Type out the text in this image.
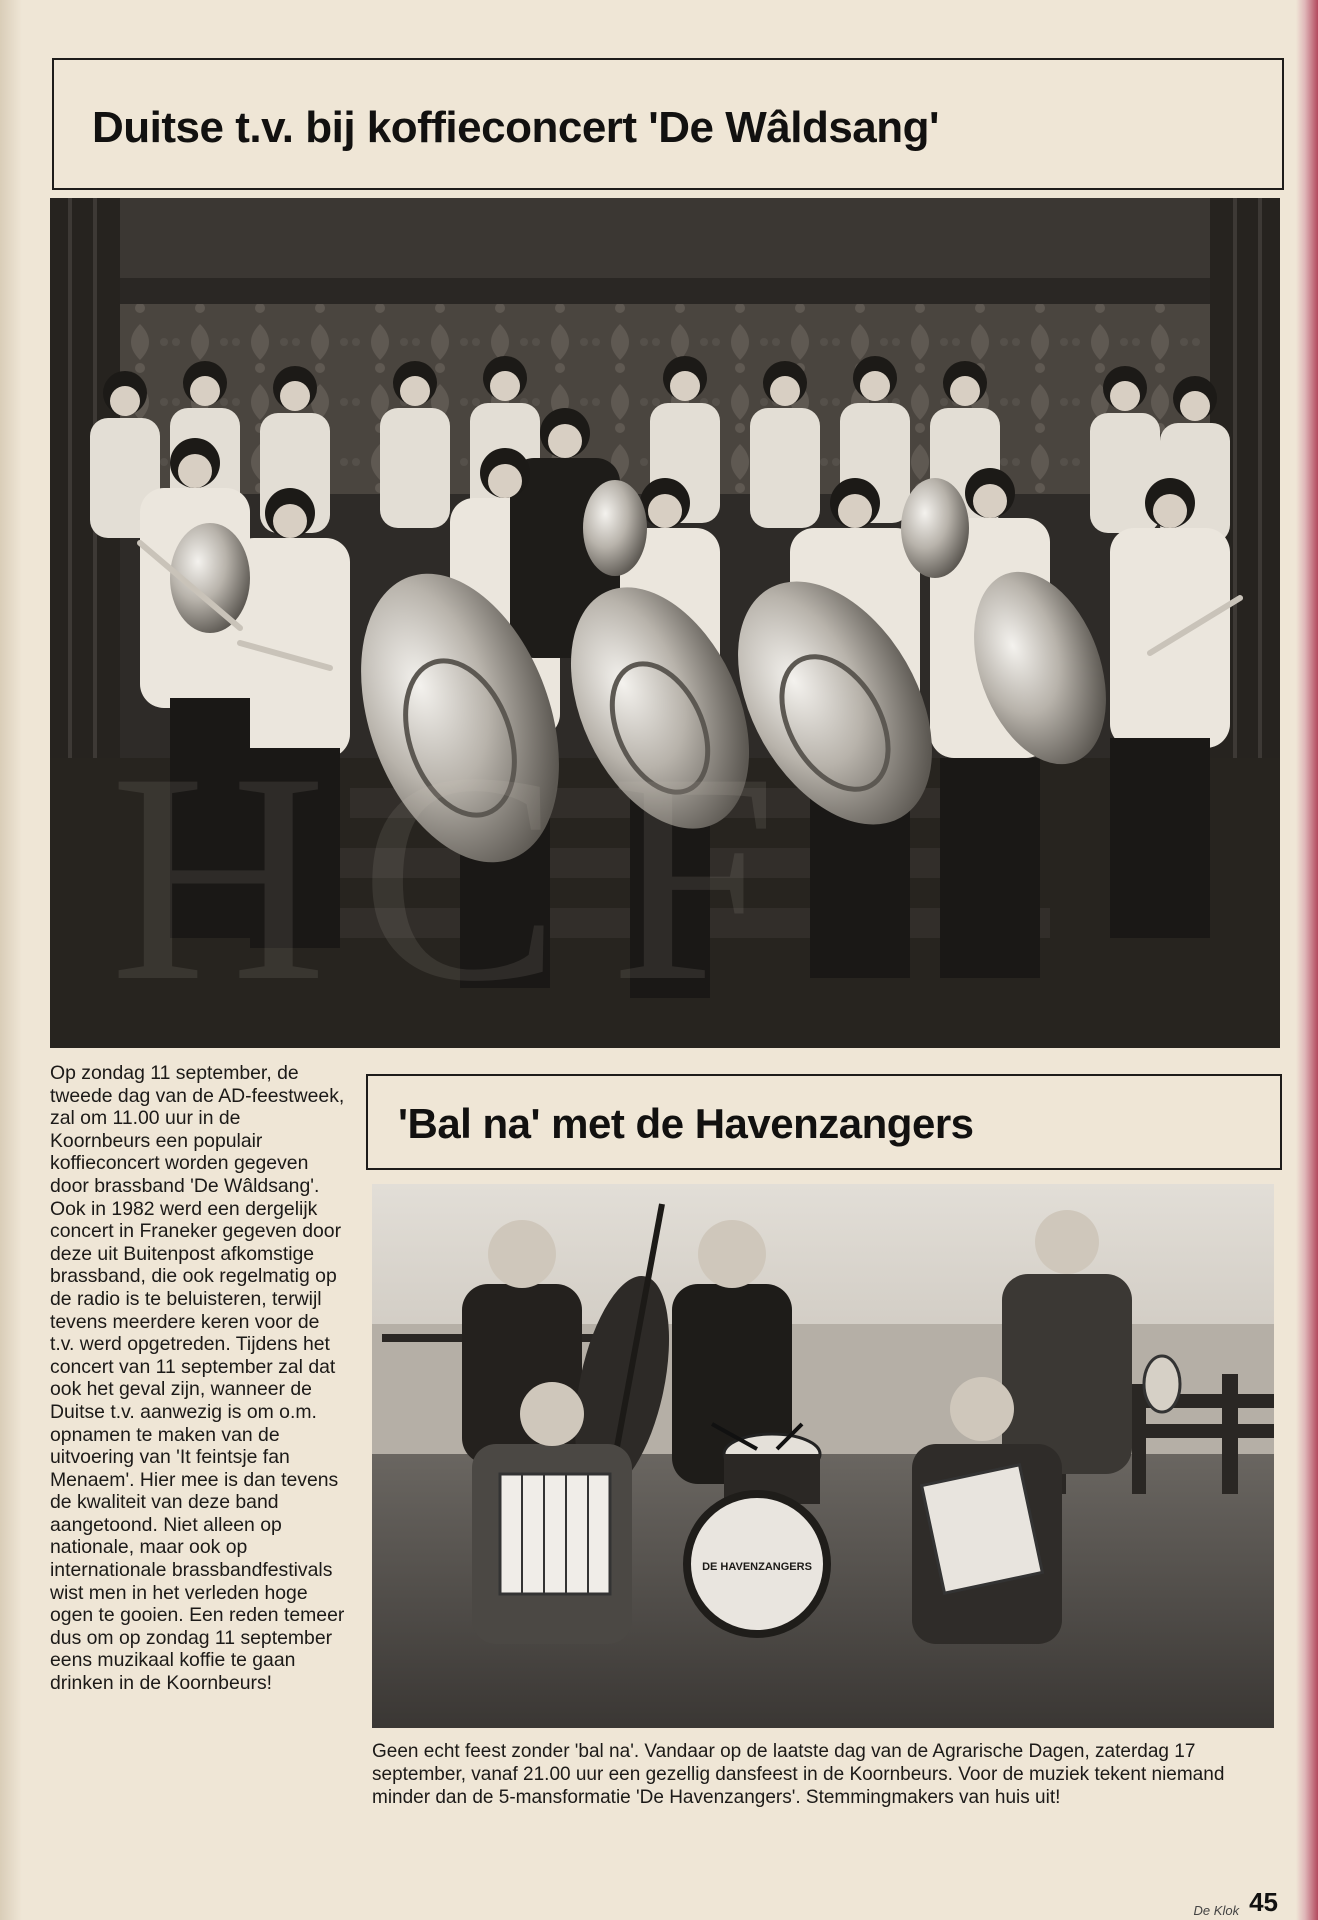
Duitse t.v. bij koffieconcert 'De Wâldsang'
H C F

Op zondag 11 september, de tweede dag van de AD-feestweek, zal om 11.00 uur in de Koornbeurs een populair koffieconcert worden gegeven door brassband 'De Wâldsang'.

Ook in 1982 werd een dergelijk concert in Franeker gegeven door deze uit Buitenpost afkomstige brassband, die ook regelmatig op de radio is te beluisteren, terwijl tevens meerdere keren voor de t.v. werd opgetreden. Tijdens het concert van 11 september zal dat ook het geval zijn, wanneer de Duitse t.v. aanwezig is om o.m. opnamen te maken van de uitvoering van 'It feintsje fan Menaem'. Hier mee is dan tevens de kwaliteit van deze band aangetoond. Niet alleen op nationale, maar ook op internationale brassbandfestivals wist men in het verleden hoge ogen te gooien. Een reden temeer dus om op zondag 11 september eens muzikaal koffie te gaan drinken in de Koornbeurs!

'Bal na' met de Havenzangers
DE HAVENZANGERS
Geen echt feest zonder 'bal na'. Vandaar op de laatste dag van de Agrarische Dagen, zaterdag 17 september, vanaf 21.00 uur een gezellig dansfeest in de Koornbeurs. Voor de muziek tekent niemand minder dan de 5-mansformatie 'De Havenzangers'. Stemmingmakers van huis uit!
De Klok 45
